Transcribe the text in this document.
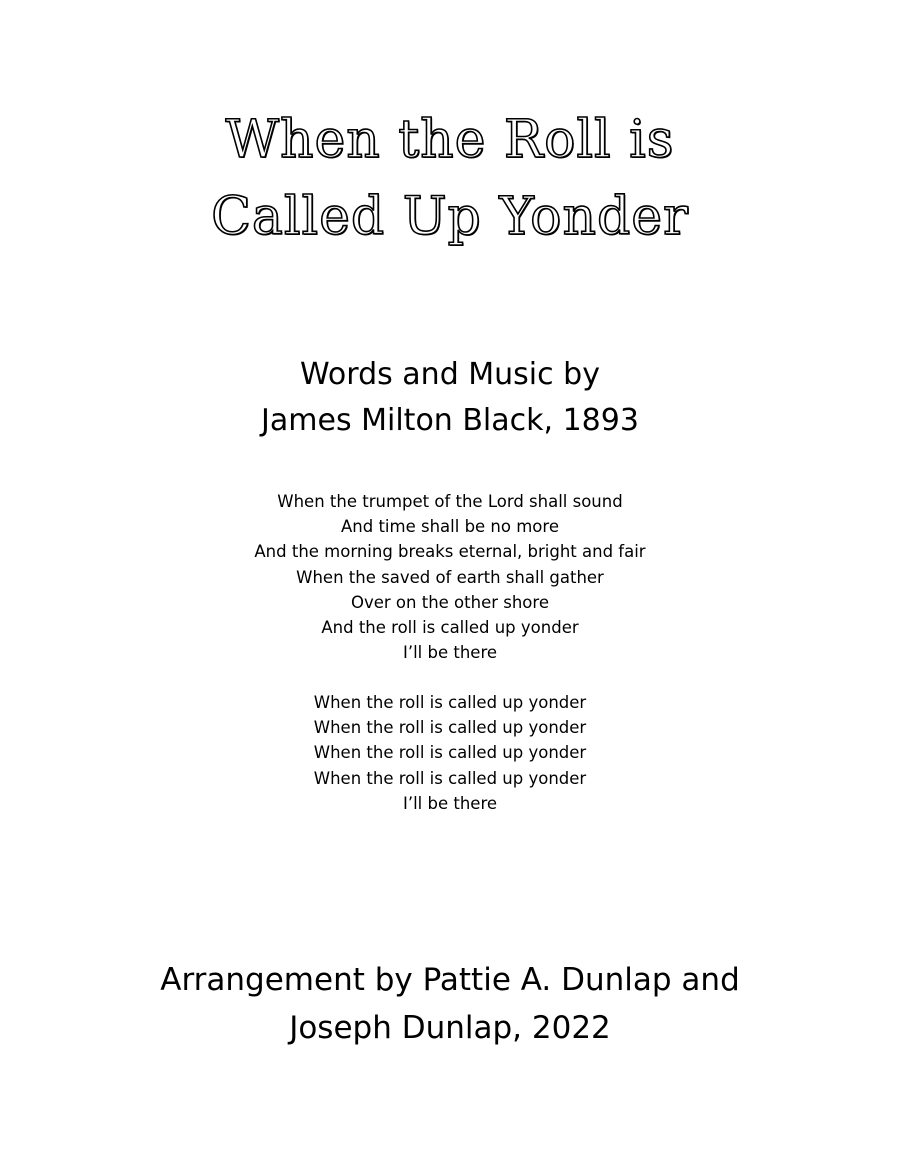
When the Roll is
Called Up Yonder
Words and Music by
James Milton Black, 1893
When the trumpet of the Lord shall sound
And time shall be no more
And the morning breaks eternal, bright and fair
When the saved of earth shall gather
Over on the other shore
And the roll is called up yonder
I’ll be there
When the roll is called up yonder
When the roll is called up yonder
When the roll is called up yonder
When the roll is called up yonder
I’ll be there
Arrangement by Pattie A. Dunlap and
Joseph Dunlap, 2022
